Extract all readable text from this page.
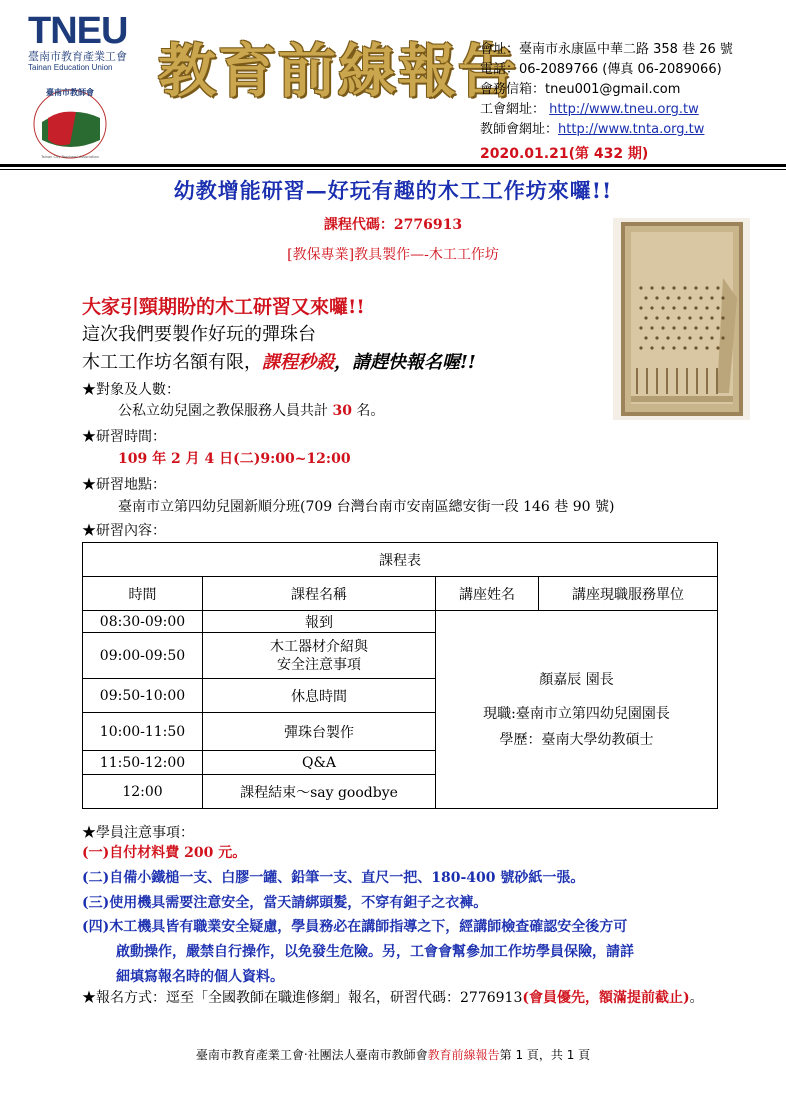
TNEU
臺南市教育產業工會
Tainan Education Union
臺南市教師會
Tainan City Teachers' Association
教育前線報告
會址：臺南市永康區中華二路 358 巷 26 號
電話：06-2089766 (傳真 06-2089066)
會務信箱：tneu001@gmail.com
工會網址： http://www.tneu.org.tw
教師會網址：http://www.tnta.org.tw
2020.01.21(第 432 期)
幼教增能研習—好玩有趣的木工工作坊來囉!!
課程代碼：2776913
[教保專業]教具製作—-木工工作坊
大家引頸期盼的木工研習又來囉!!
這次我們要製作好玩的彈珠台
木工工作坊名額有限，課程秒殺，請趕快報名喔!!
★對象及人數：
公私立幼兒園之教保服務人員共計 30 名。
★研習時間：
109 年 2 月 4 日(二)9:00~12:00
★研習地點：
臺南市立第四幼兒園新順分班(709 台灣台南市安南區總安街一段 146 巷 90 號)
★研習內容：
課程表			
時間	課程名稱	講座姓名	講座現職服務單位
08:30-09:00	報到	顏嘉辰 園長
現職:臺南市立第四幼兒園園長
學歷：臺南大學幼教碩士	

09:00-09:50	木工器材介紹與
安全注意事項		

09:50-10:00	休息時間		
10:00-11:50	彈珠台製作		
11:50-12:00	Q&A		
12:00	課程結束～say goodbye		
★學員注意事項：
(一)自付材料費 200 元。
(二)自備小鐵槌一支、白膠一罐、鉛筆一支、直尺一把、180-400 號砂紙一張。
(三)使用機具需要注意安全，當天請綁頭髮，不穿有鉭子之衣褲。
(四)木工機具皆有職業安全疑慮，學員務必在講師指導之下，經講師檢查確認安全後方可
啟動操作，嚴禁自行操作，以免發生危險。另，工會會幫參加工作坊學員保險，請詳
細填寫報名時的個人資料。
★報名方式：逕至「全國教師在職進修網」報名，研習代碼：2776913(會員優先，額滿提前截止)。
臺南市教育產業工會‧社團法人臺南市教師會教育前線報告第 1 頁，共 1 頁
